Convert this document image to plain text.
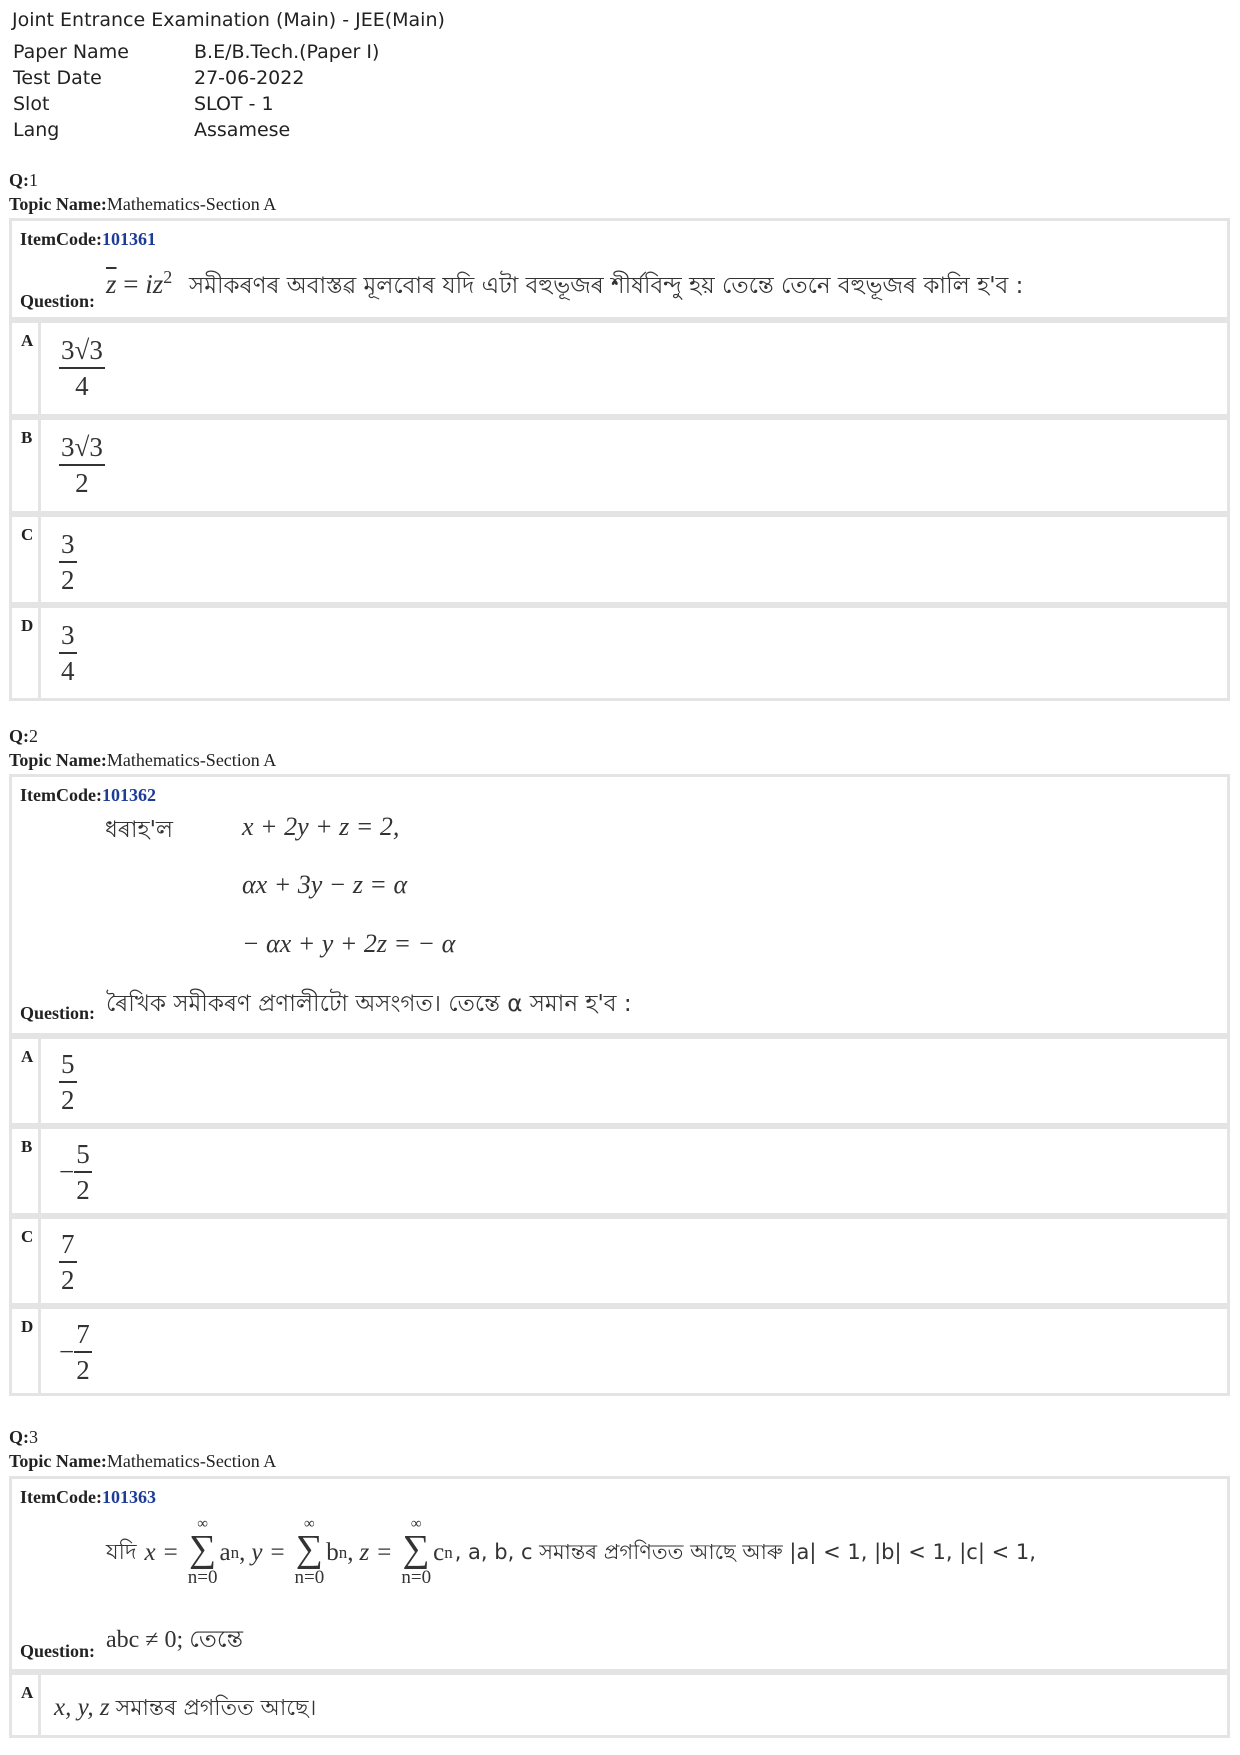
Joint Entrance Examination (Main) - JEE(Main)
Paper Name	B.E/B.Tech.(Paper I)
Test Date	27-06-2022
Slot	SLOT - 1
Lang	Assamese
Q:1
Topic Name:Mathematics-Section A
ItemCode:101361
Question:
$\overline{z} = iz^2$ সমীকৰণৰ অবাস্তৱ মূলবোৰ যদি এটা বহুভূজৰ শীৰ্ষবিন্দু হয় তেন্তে তেনে বহুভূজৰ কালি হ'ব :
A $\frac{3√3}{4}$
B $\frac{3√3}{2}$
C $\frac{3}{2}$
D $\frac{3}{4}$
Q:2
Topic Name:Mathematics-Section A
ItemCode:101362
ধৰাহ'ল	x + 2y + z = 2,
αx + 3y − z = α
− αx + y + 2z = − α
Question: ৰৈখিক সমীকৰণ প্ৰণালীটো অসংগত। তেন্তে α সমান হ'ব :
A $\frac{5}{2}$
B
− $\frac{5}{2}$
C $\frac{7}{2}$
D
− $\frac{7}{2}$
Q:3
Topic Name:Mathematics-Section A
ItemCode:101363
যদি x =
∞
∑
n=0
a n , y =
∞
∑
n=0
b n , z =
∞
∑
n=0
c n , a, b, c সমান্তৰ প্ৰগণিতত আছে আৰু |a| < 1, |b| < 1, |c| < 1,
Question: abc ≠ 0; তেন্তে
A
x, y, z সমান্তৰ প্ৰগতিত আছে।
